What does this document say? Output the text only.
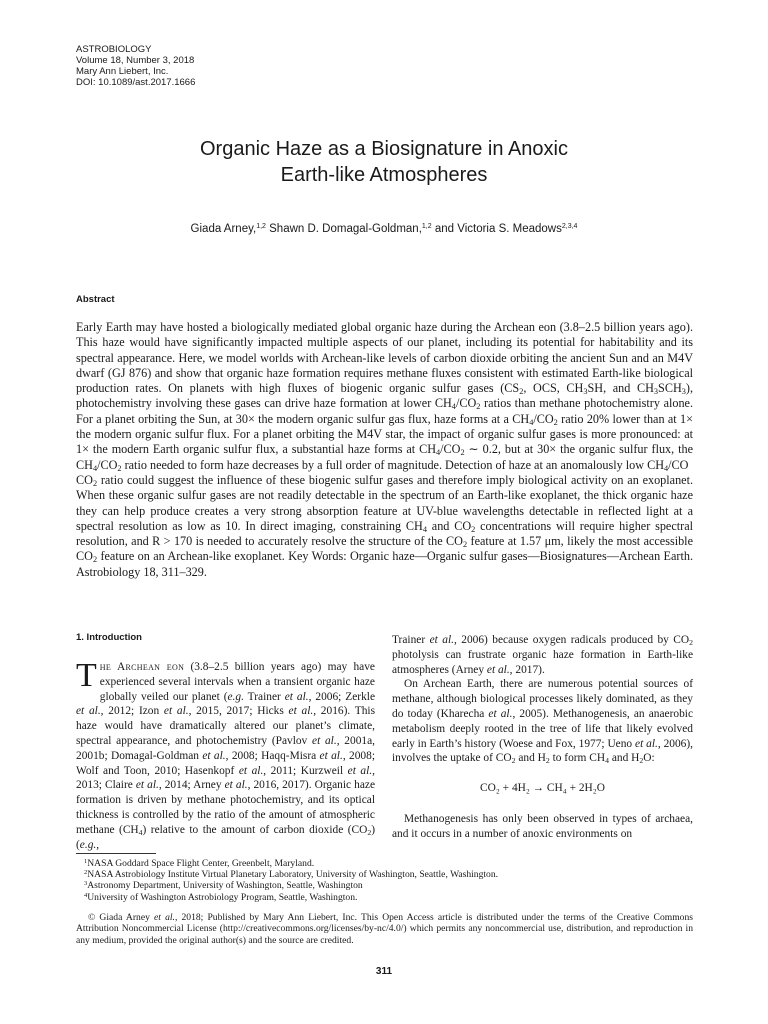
ASTROBIOLOGY
Volume 18, Number 3, 2018
Mary Ann Liebert, Inc.
DOI: 10.1089/ast.2017.1666
Organic Haze as a Biosignature in Anoxic
Earth-like Atmospheres
Giada Arney,$^{1,2}$ Shawn D. Domagal-Goldman,$^{1,2}$ and Victoria S. Meadows$^{2,3,4}$
Abstract
Early Earth may have hosted a biologically mediated global organic haze during the Archean eon (3.8–2.5 billion years ago). This haze would have significantly impacted multiple aspects of our planet, including its potential for habitability and its spectral appearance. Here, we model worlds with Archean-like levels of carbon dioxide orbiting the ancient Sun and an M4V dwarf (GJ 876) and show that organic haze formation requires methane fluxes consistent with estimated Earth-like biological production rates. On planets with high fluxes of biogenic organic sulfur gases ($CS_2$, OCS, $CH_3SH$, and $CH_3SCH_3$), photochemistry involving these gases can drive haze formation at lower $CH_4/CO_2$ ratios than methane photochemistry alone. For a planet orbiting the Sun, at 30× the modern organic sulfur gas flux, haze forms at a $CH_4/CO_2$ ratio 20% lower than at 1× the modern organic sulfur flux. For a planet orbiting the M4V star, the impact of organic sulfur gases is more pronounced: at 1× the modern Earth organic sulfur flux, a substantial haze forms at $CH_4/CO_2$ ∼ 0.2, but at 30× the organic sulfur flux, the $CH_4/CO_2$ ratio needed to form haze decreases by a full order of magnitude. Detection of haze at an anomalously low $CH_4/CO$
$CO_2$ ratio could suggest the influence of these biogenic sulfur gases and therefore imply biological activity on an exoplanet. When these organic sulfur gases are not readily detectable in the spectrum of an Earth-like exoplanet, the thick organic haze they can help produce creates a very strong absorption feature at UV-blue wavelengths detectable in reflected light at a spectral resolution as low as 10. In direct imaging, constraining $CH_4$ and $CO_2$ concentrations will require higher spectral resolution, and R > 170 is needed to accurately resolve the structure of the $CO_2$ feature at 1.57 μm, likely the most accessible $CO_2$ feature on an Archean-like exoplanet. Key Words: Organic haze—Organic sulfur gases—Biosignatures—Archean Earth. Astrobiology 18, 311–329.
1. Introduction

The Archean eon (3.8–2.5 billion years ago) may have experienced several intervals when a transient organic haze globally veiled our planet (e.g. Trainer et al., 2006; Zerkle et al., 2012; Izon et al., 2015, 2017; Hicks et al., 2016). This haze would have dramatically altered our planet’s climate, spectral appearance, and photochemistry (Pavlov et al., 2001a, 2001b; Domagal-Goldman et al., 2008; Haqq-Misra et al., 2008; Wolf and Toon, 2010; Hasenkopf et al., 2011; Kurzweil et al., 2013; Claire et al., 2014; Arney et al., 2016, 2017). Organic haze formation is driven by methane photochemistry, and its optical thickness is controlled by the ratio of the amount of atmospheric methane $(CH_4)$ relative to the amount of carbon dioxide $(CO_2)$ (e.g.,

Trainer et al., 2006) because oxygen radicals produced by $CO_2$ photolysis can frustrate organic haze formation in Earth-like atmospheres (Arney et al., 2017).

On Archean Earth, there are numerous potential sources of methane, although biological processes likely dominated, as they do today (Kharecha et al., 2005). Methanogenesis, an anaerobic metabolism deeply rooted in the tree of life that likely evolved early in Earth’s history (Woese and Fox, 1977; Ueno et al., 2006), involves the uptake of $CO_2$ and $H_2$ to form $CH_4$ and $H_2O$:

CO₂ + 4H₂ → CH₄ + 2H₂O

Methanogenesis has only been observed in types of archaea, and it occurs in a number of anoxic environments on

$^1$NASA Goddard Space Flight Center, Greenbelt, Maryland.
$^2$NASA Astrobiology Institute Virtual Planetary Laboratory, University of Washington, Seattle, Washington.
$^3$Astronomy Department, University of Washington, Seattle, Washington
$^4$University of Washington Astrobiology Program, Seattle, Washington.
© Giada Arney et al., 2018; Published by Mary Ann Liebert, Inc. This Open Access article is distributed under the terms of the Creative Commons Attribution Noncommercial License (http://creativecommons.org/licenses/by-nc/4.0/) which permits any noncommercial use, distribution, and reproduction in any medium, provided the original author(s) and the source are credited.
311
